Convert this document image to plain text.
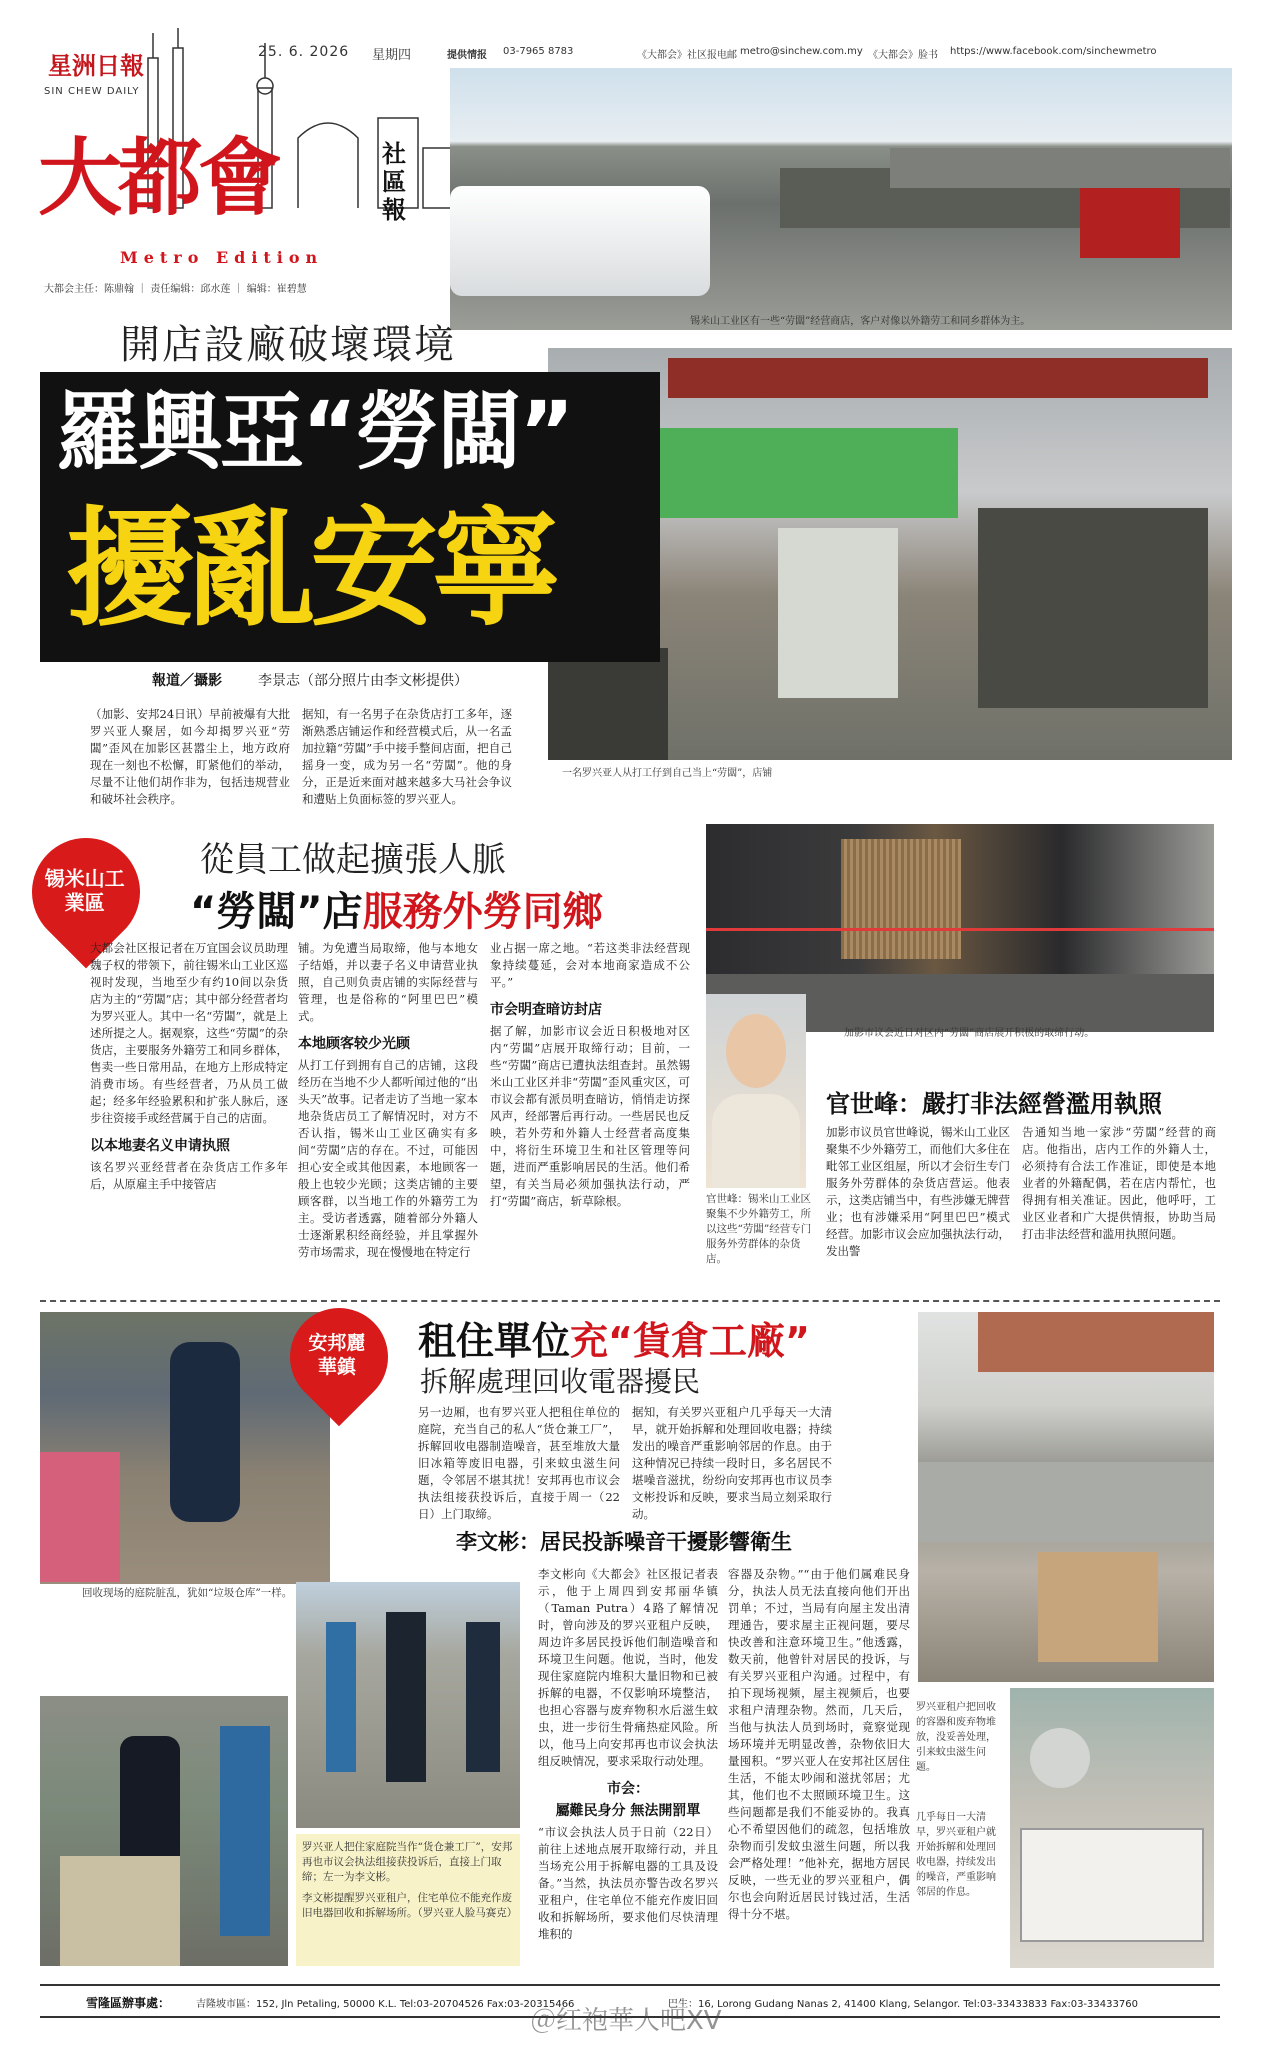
星洲日報
SIN CHEW DAILY
大都會	社區報
Metro Edition
大都会主任：陈鼎翰 ｜ 责任编辑：邱水莲 ｜ 编辑：崔碧慧
25. 6. 2026 星期四	提供情报 03-7965 8783	《大都会》社区报电邮 metro@sinchew.com.my 《大都会》脸书 https://www.facebook.com/sinchewmetro
锡米山工业区有一些“劳闆”经营商店，客户对像以外籍劳工和同乡群体为主。
一名罗兴亚人从打工仔到自己当上“劳闆”，店铺
開店設廠破壞環境
羅興亞“勞闆”
擾亂安寧
報道／攝影	李景志（部分照片由李文彬提供）
（加影、安邦24日讯）早前被爆有大批罗兴亚人聚居，如今却揭罗兴亚“劳闆”歪风在加影区甚嚣尘上，地方政府现在一刻也不松懈，盯紧他们的举动，尽量不让他们胡作非为，包括违规营业和破坏社会秩序。
据知，有一名男子在杂货店打工多年，逐渐熟悉店铺运作和经营模式后，从一名孟加拉籍“劳闆”手中接手整间店面，把自己摇身一变，成为另一名“劳闆”。他的身分，正是近来面对越来越多大马社会争议和遭贴上负面标签的罗兴亚人。
锡米山工業區
從員工做起擴張人脈
“勞闆”店服務外勞同鄉
大都会社区报记者在万宜国会议员助理魏子权的带领下，前往锡米山工业区巡视时发现，当地至少有约10间以杂货店为主的“劳闆”店；其中部分经营者均为罗兴亚人。其中一名“劳闆”，就是上述所提之人。据观察，这些“劳闆”的杂货店，主要服务外籍劳工和同乡群体，售卖一些日常用品，在地方上形成特定消费市场。有些经营者，乃从员工做起；经多年经验累积和扩张人脉后，逐步往资接手或经营属于自己的店面。
以本地妻名义申请执照
该名罗兴亚经营者在杂货店工作多年后，从原雇主手中接管店
铺。为免遭当局取缔，他与本地女子结婚，并以妻子名义申请营业执照，自己则负责店铺的实际经营与管理，也是俗称的“阿里巴巴”模式。
本地顾客较少光顾
从打工仔到拥有自己的店铺，这段经历在当地不少人都听闻过他的“出头天”故事。记者走访了当地一家本地杂货店员工了解情况时，对方不否认指，锡米山工业区确实有多间“劳闆”店的存在。不过，可能因担心安全或其他因素，本地顾客一般上也较少光顾；这类店铺的主要顾客群，以当地工作的外籍劳工为主。受访者透露，随着部分外籍人士逐渐累积经商经验，并且掌握外劳市场需求，现在慢慢地在特定行
业占据一席之地。“若这类非法经营现象持续蔓延，会对本地商家造成不公平。”
市会明查暗访封店
据了解，加影市议会近日积极地对区内“劳闆”店展开取缔行动；目前，一些“劳闆”商店已遭执法组查封。虽然锡米山工业区并非“劳闆”歪风重灾区，可市议会都有派员明查暗访，悄悄走访探风声，经部署后再行动。一些居民也反映，若外劳和外籍人士经营者高度集中，将衍生环境卫生和社区管理等问题，进而严重影响居民的生活。他们希望，有关当局必须加强执法行动，严打“劳闆”商店，斩草除根。
加影市议会近日对区内“劳闆”商店展开积极的取缔行动。
官世峰：锡米山工业区聚集不少外籍劳工，所以这些“劳闆”经营专门服务外劳群体的杂货店。
官世峰：嚴打非法經營濫用執照
加影市议员官世峰说，锡米山工业区聚集不少外籍劳工，而他们大多住在毗邻工业区组屋，所以才会衍生专门服务外劳群体的杂货店营运。他表示，这类店铺当中，有些涉嫌无牌营业；也有涉嫌采用“阿里巴巴”模式经营。加影市议会应加强执法行动，发出警
告通知当地一家涉“劳闆”经营的商店。他指出，店内工作的外籍人士，必须持有合法工作准证，即使是本地业者的外籍配偶，若在店内帮忙，也得拥有相关准证。因此，他呼吁，工业区业者和广大提供情报，协助当局打击非法经营和滥用执照问题。
回收现场的庭院脏乱，犹如“垃圾仓库”一样。
安邦麗華鎮
租住單位充“貨倉工廠”
拆解處理回收電器擾民
另一边厢，也有罗兴亚人把租住单位的庭院，充当自己的私人“货仓兼工厂”，拆解回收电器制造噪音，甚至堆放大量旧冰箱等废旧电器，引来蚊虫滋生问题，令邻居不堪其扰！安邦再也市议会执法组接获投诉后，直接于周一（22日）上门取缔。
据知，有关罗兴亚租户几乎每天一大清早，就开始拆解和处理回收电器；持续发出的噪音严重影响邻居的作息。由于这种情况已持续一段时日，多名居民不堪噪音滋扰，纷纷向安邦再也市议员李文彬投诉和反映，要求当局立刻采取行动。
李文彬：居民投訴噪音干擾影響衛生
李文彬向《大都会》社区报记者表示，他于上周四到安邦丽华镇（Taman Putra）4路了解情况时，曾向涉及的罗兴亚租户反映，周边许多居民投诉他们制造噪音和环境卫生问题。他说，当时，他发现住家庭院内堆积大量旧物和已被拆解的电器，不仅影响环境整洁，也担心容器与废弃物积水后滋生蚊虫，进一步衍生骨痛热症风险。所以，他马上向安邦再也市议会执法组反映情况，要求采取行动处理。
市会：
屬難民身分 無法開罰單
“市议会执法人员于日前（22日）前往上述地点展开取缔行动，并且当场充公用于拆解电器的工具及设备。”当然，执法员亦警告改名罗兴亚租户，住宅单位不能充作废旧回收和拆解场所，要求他们尽快清理堆积的
容器及杂物。”“由于他们属难民身分，执法人员无法直接向他们开出罚单；不过，当局有向屋主发出清理通告，要求屋主正视问题，要尽快改善和注意环境卫生。”他透露，数天前，他曾针对居民的投诉，与有关罗兴亚租户沟通。过程中，有拍下现场视频，屋主视频后，也要求租户清理杂物。然而，几天后，当他与执法人员到场时，竟察觉现场环境并无明显改善，杂物依旧大量囤积。“罗兴亚人在安邦社区居住生活，不能太吵闹和滋扰邻居；尤其，他们也不太照顾环境卫生。这些问题都是我们不能妥协的。我真心不希望因他们的疏忽，包括堆放杂物而引发蚊虫滋生问题，所以我会严格处理！”他补充，据地方居民反映，一些无业的罗兴亚租户，偶尔也会向附近居民讨钱过活，生活得十分不堪。
罗兴亚人把住家庭院当作“货仓兼工厂”，安邦再也市议会执法组接获投诉后，直接上门取缔；左一为李文彬。
李文彬提醒罗兴亚租户，住宅单位不能充作废旧电器回收和拆解场所。（罗兴亚人脸马赛克）
罗兴亚租户把回收的容器和废弃物堆放，没妥善处理，引来蚊虫滋生问题。
几乎每日一大清早，罗兴亚租户就开始拆解和处理回收电器，持续发出的噪音，严重影响邻居的作息。
雪隆區辦事處：	吉隆坡市區：152, Jln Petaling, 50000 K.L. Tel:03-20704526 Fax:03-20315466	巴生：16, Lorong Gudang Nanas 2, 41400 Klang, Selangor. Tel:03-33433833 Fax:03-33433760
＠红袍華人吧XV
